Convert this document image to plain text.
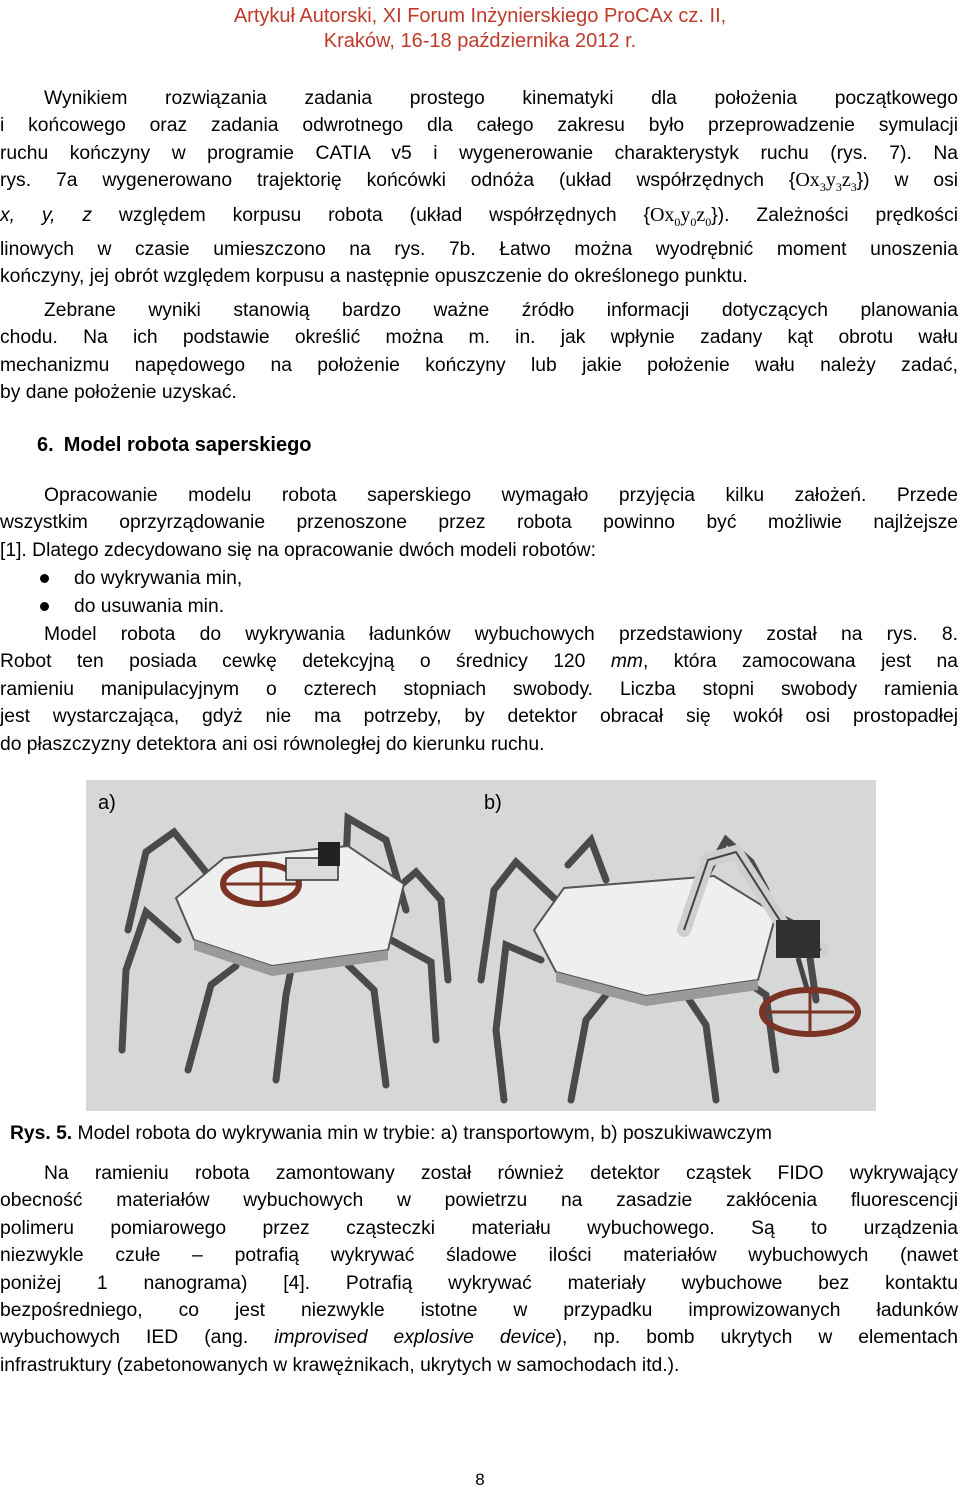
Artykuł Autorski, XI Forum Inżynierskiego ProCAx cz. II,
Kraków, 16-18 października 2012 r.
Wynikiem rozwiązania zadania prostego kinematyki dla położenia początkowego
i końcowego oraz zadania odwrotnego dla całego zakresu było przeprowadzenie symulacji
ruchu kończyny w programie CATIA v5 i wygenerowanie charakterystyk ruchu (rys. 7). Na
rys. 7a wygenerowano trajektorię końcówki odnóża (układ współrzędnych $\{Ox_3y_3z_3\}$) w osi
x, y, z względem korpusu robota (układ współrzędnych $\{Ox_0y_0z_0\}$). Zależności prędkości
linowych w czasie umieszczono na rys. 7b. Łatwo można wyodrębnić moment unoszenia
kończyny, jej obrót względem korpusu a następnie opuszczenie do określonego punktu.
Zebrane wyniki stanowią bardzo ważne źródło informacji dotyczących planowania
chodu. Na ich podstawie określić można m. in. jak wpłynie zadany kąt obrotu wału
mechanizmu napędowego na położenie kończyny lub jakie położenie wału należy zadać,
by dane położenie uzyskać.
6. Model robota saperskiego
Opracowanie modelu robota saperskiego wymagało przyjęcia kilku założeń. Przede
wszystkim oprzyrządowanie przenoszone przez robota powinno być możliwie najlżejsze
[1]. Dlatego zdecydowano się na opracowanie dwóch modeli robotów:
do wykrywania min,
do usuwania min.
Model robota do wykrywania ładunków wybuchowych przedstawiony został na rys. 8.
Robot ten posiada cewkę detekcyjną o średnicy 120 mm, która zamocowana jest na
ramieniu manipulacyjnym o czterech stopniach swobody. Liczba stopni swobody ramienia
jest wystarczająca, gdyż nie ma potrzeby, by detektor obracał się wokół osi prostopadłej
do płaszczyzny detektora ani osi równoległej do kierunku ruchu.
a)	b)
Rys. 5. Model robota do wykrywania min w trybie: a) transportowym, b) poszukiwawczym
Na ramieniu robota zamontowany został również detektor cząstek FIDO wykrywający
obecność materiałów wybuchowych w powietrzu na zasadzie zakłócenia fluorescencji
polimeru pomiarowego przez cząsteczki materiału wybuchowego. Są to urządzenia
niezwykle czułe – potrafią wykrywać śladowe ilości materiałów wybuchowych (nawet
poniżej 1 nanograma) [4]. Potrafią wykrywać materiały wybuchowe bez kontaktu
bezpośredniego, co jest niezwykle istotne w przypadku improwizowanych ładunków
wybuchowych IED (ang. improvised explosive device), np. bomb ukrytych w elementach
infrastruktury (zabetonowanych w krawężnikach, ukrytych w samochodach itd.).
8
